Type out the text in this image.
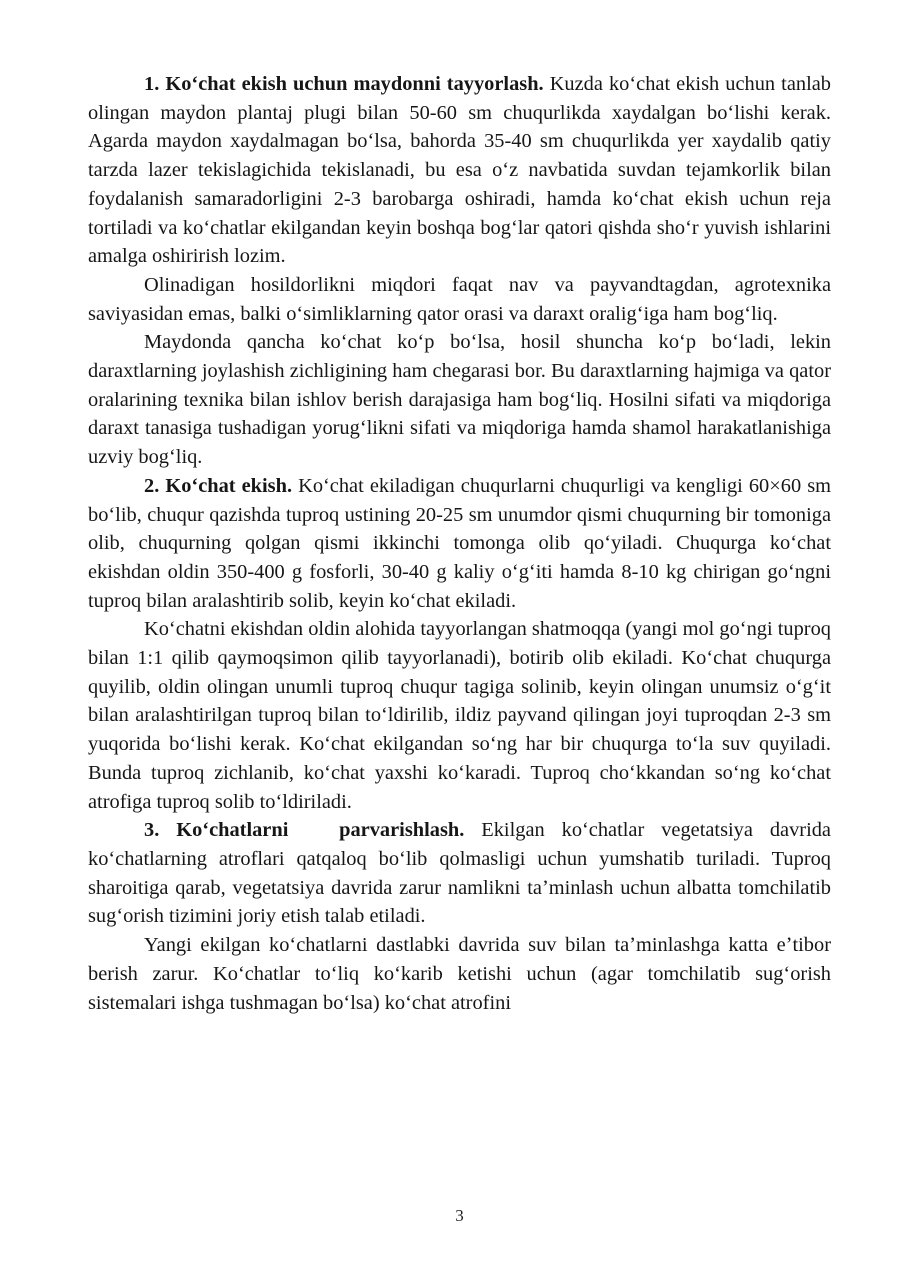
1. Koʻchat ekish uchun maydonni tayyorlash. Kuzda koʻchat ekish uchun tanlab olingan maydon plantaj plugi bilan 50-60 sm chuqurlikda xaydalgan boʻlishi kerak. Agarda maydon xaydalmagan boʻlsa, bahorda 35-40 sm chuqurlikda yer xaydalib qatiy tarzda lazer tekislagichida tekislanadi, bu esa oʻz navbatida suvdan tejamkorlik bilan foydalanish samaradorligini 2-3 barobarga oshiradi, hamda koʻchat ekish uchun reja tortiladi va koʻchatlar ekilgandan keyin boshqa bogʻlar qatori qishda shoʻr yuvish ishlarini amalga oshirirish lozim.

Olinadigan hosildorlikni miqdori faqat nav va payvandtagdan, agrotexnika saviyasidan emas, balki oʻsimliklarning qator orasi va daraxt oraligʻiga ham bogʻliq.

Maydonda qancha koʻchat koʻp boʻlsa, hosil shuncha koʻp boʻladi, lekin daraxtlarning joylashish zichligining ham chegarasi bor. Bu daraxtlarning hajmiga va qator oralarining texnika bilan ishlov berish darajasiga ham bogʻliq. Hosilni sifati va miqdoriga daraxt tanasiga tushadigan yorugʻlikni sifati va miqdoriga hamda shamol harakatlanishiga uzviy bogʻliq.

2. Koʻchat ekish. Koʻchat ekiladigan chuqurlarni chuqurligi va kengligi 60×60 sm boʻlib, chuqur qazishda tuproq ustining 20-25 sm unumdor qismi chuqurning bir tomoniga olib, chuqurning qolgan qismi ikkinchi tomonga olib qoʻyiladi. Chuqurga koʻchat ekishdan oldin 350-400 g fosforli, 30-40 g kaliy oʻgʻiti hamda 8-10 kg chirigan goʻngni tuproq bilan aralashtirib solib, keyin koʻchat ekiladi.

Koʻchatni ekishdan oldin alohida tayyorlangan shatmoqqa (yangi mol goʻngi tuproq bilan 1:1 qilib qaymoqsimon qilib tayyorlanadi), botirib olib ekiladi. Koʻchat chuqurga quyilib, oldin olingan unumli tuproq chuqur tagiga solinib, keyin olingan unumsiz oʻgʻit bilan aralashtirilgan tuproq bilan toʻldirilib, ildiz payvand qilingan joyi tuproqdan 2-3 sm yuqorida boʻlishi kerak. Koʻchat ekilgandan soʻng har bir chuqurga toʻla suv quyiladi. Bunda tuproq zichlanib, koʻchat yaxshi koʻkaradi. Tuproq choʻkkandan soʻng koʻchat atrofiga tuproq solib toʻldiriladi.

3. Koʻchatlarni   parvarishlash. Ekilgan koʻchatlar vegetatsiya davrida koʻchatlarning atroflari qatqaloq boʻlib qolmasligi uchun yumshatib turiladi. Tuproq sharoitiga qarab, vegetatsiya davrida zarur namlikni taʼminlash uchun albatta tomchilatib sugʻorish tizimini joriy etish talab etiladi.

Yangi ekilgan koʻchatlarni dastlabki davrida suv bilan taʼminlashga katta eʼtibor berish zarur. Koʻchatlar toʻliq koʻkarib ketishi uchun (agar tomchilatib sugʻorish sistemalari ishga tushmagan boʻlsa) koʻchat atrofini

3
